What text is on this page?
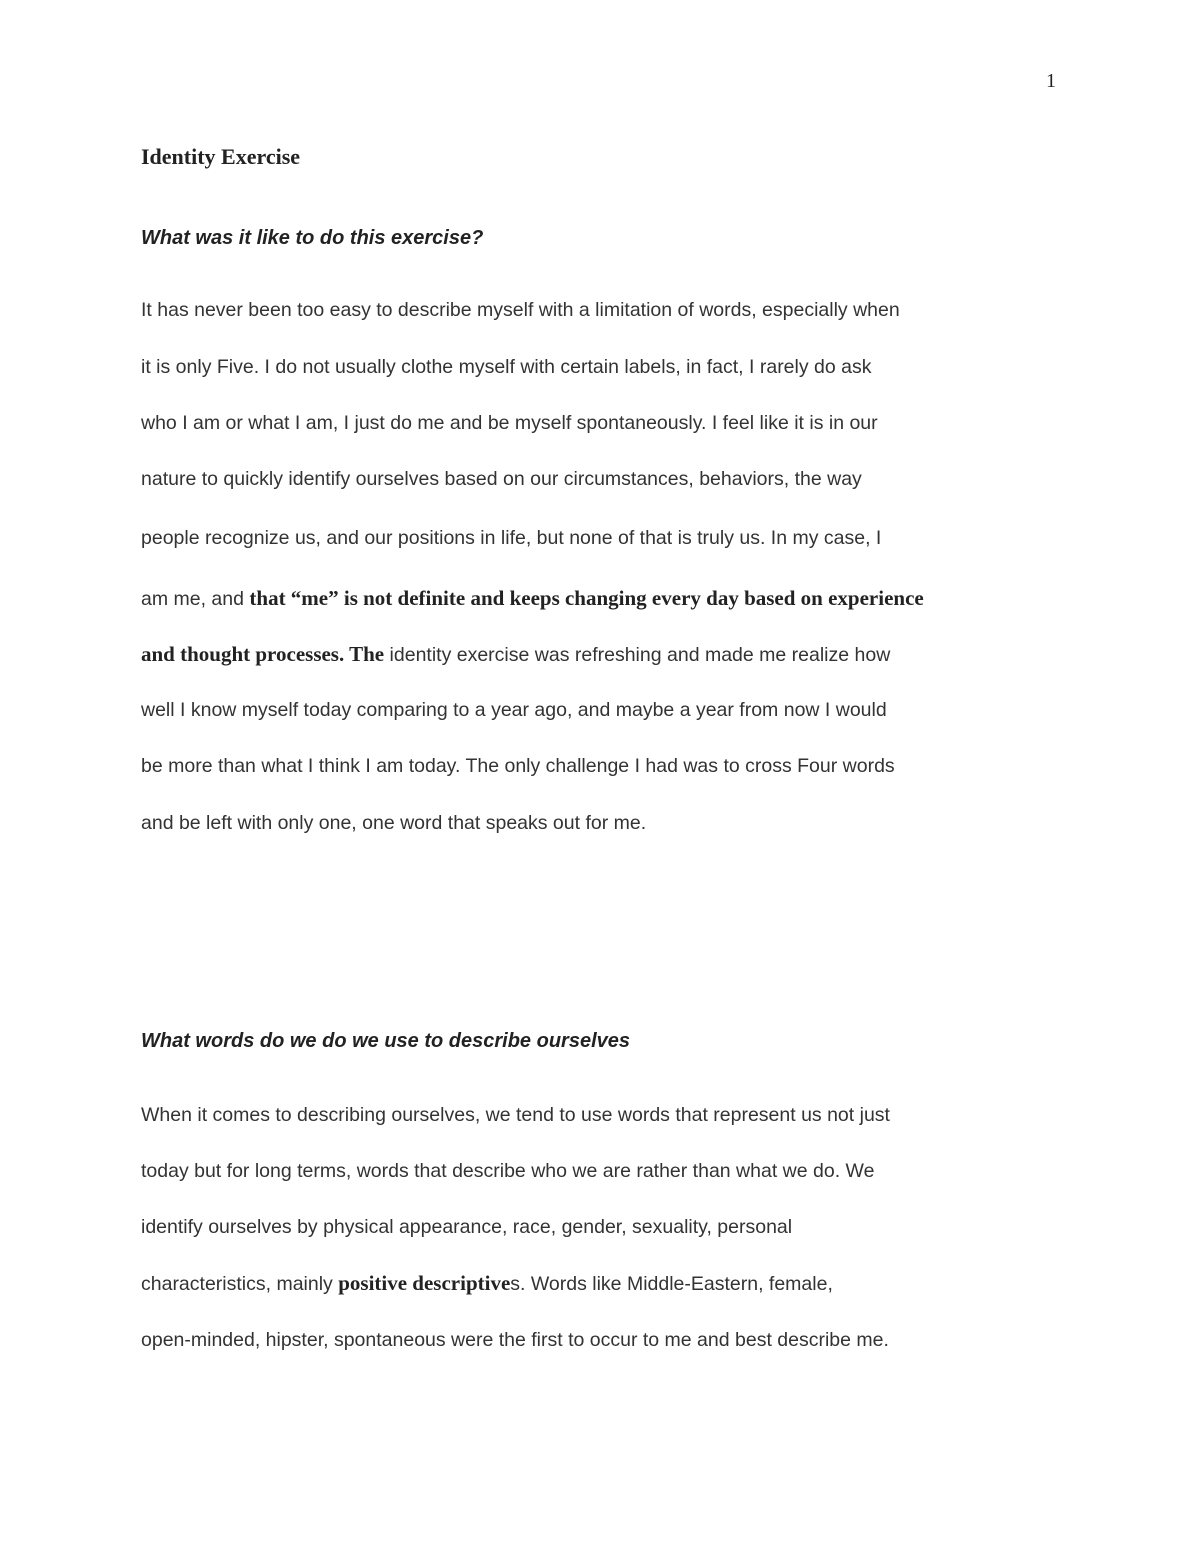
1
Identity Exercise
What was it like to do this exercise?

It has never been too easy to describe myself with a limitation of words, especially when

it is only Five. I do not usually clothe myself with certain labels, in fact, I rarely do ask

who I am or what I am, I just do me and be myself spontaneously. I feel like it is in our

nature to quickly identify ourselves based on our circumstances, behaviors, the way

people recognize us, and our positions in life, but none of that is truly us. In my case, I

am me, and that “me” is not definite and keeps changing every day based on experience

and thought processes. The identity exercise was refreshing and made me realize how

well I know myself today comparing to a year ago, and maybe a year from now I would

be more than what I think I am today. The only challenge I had was to cross Four words

and be left with only one, one word that speaks out for me.

What words do we do we use to describe ourselves

When it comes to describing ourselves, we tend to use words that represent us not just

today but for long terms, words that describe who we are rather than what we do. We

identify ourselves by physical appearance, race, gender, sexuality, personal

characteristics, mainly positive descriptives. Words like Middle-Eastern, female,

open-minded, hipster, spontaneous were the first to occur to me and best describe me.
